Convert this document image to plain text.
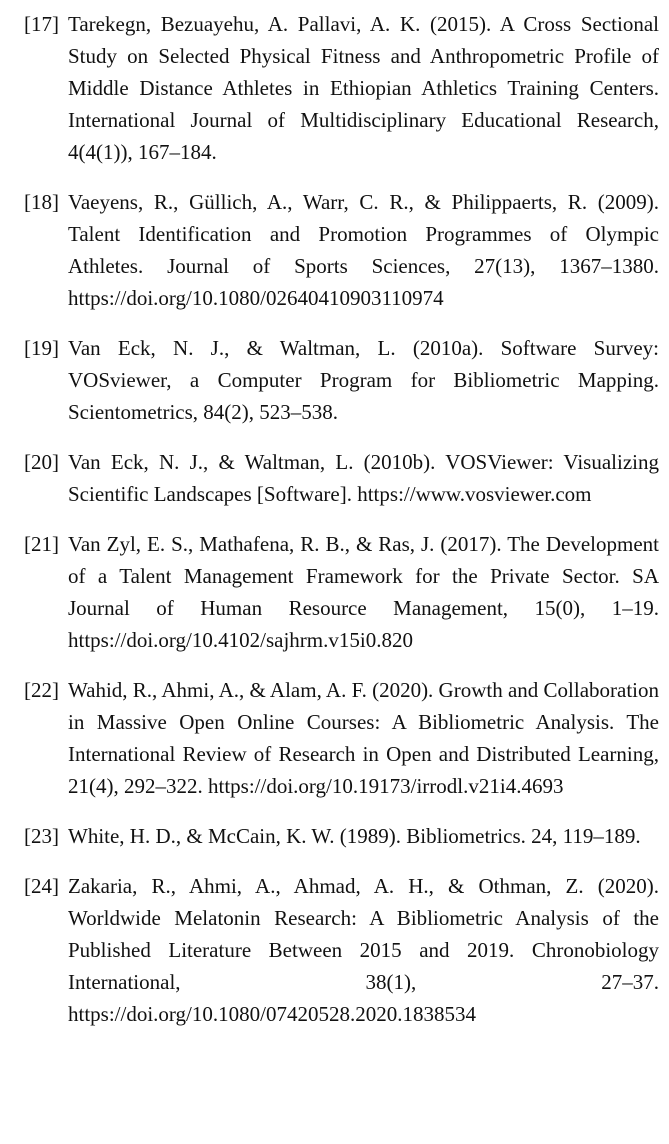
[17] Tarekegn, Bezuayehu, A. Pallavi, A. K. (2015). A Cross Sectional Study on Selected Physical Fitness and Anthropometric Profile of Middle Distance Athletes in Ethiopian Athletics Training Centers. International Journal of Multidisciplinary Educational Research, 4(4(1)), 167–184.
[18] Vaeyens, R., Güllich, A., Warr, C. R., & Philippaerts, R. (2009). Talent Identification and Promotion Programmes of Olympic Athletes. Journal of Sports Sciences, 27(13), 1367–1380. https://doi.org/10.1080/02640410903110974
[19] Van Eck, N. J., & Waltman, L. (2010a). Software Survey: VOSviewer, a Computer Program for Bibliometric Mapping. Scientometrics, 84(2), 523–538.
[20] Van Eck, N. J., & Waltman, L. (2010b). VOSViewer: Visualizing Scientific Landscapes [Software]. https://www.vosviewer.com
[21] Van Zyl, E. S., Mathafena, R. B., & Ras, J. (2017). The Development of a Talent Management Framework for the Private Sector. SA Journal of Human Resource Management, 15(0), 1–19. https://doi.org/10.4102/sajhrm.v15i0.820
[22] Wahid, R., Ahmi, A., & Alam, A. F. (2020). Growth and Collaboration in Massive Open Online Courses: A Bibliometric Analysis. The International Review of Research in Open and Distributed Learning, 21(4), 292–322. https://doi.org/10.19173/irrodl.v21i4.4693
[23] White, H. D., & McCain, K. W. (1989). Bibliometrics. 24, 119–189.
[24] Zakaria, R., Ahmi, A., Ahmad, A. H., & Othman, Z. (2020). Worldwide Melatonin Research: A Bibliometric Analysis of the Published Literature Between 2015 and 2019. Chronobiology International, 38(1), 27–37. https://doi.org/10.1080/07420528.2020.1838534
